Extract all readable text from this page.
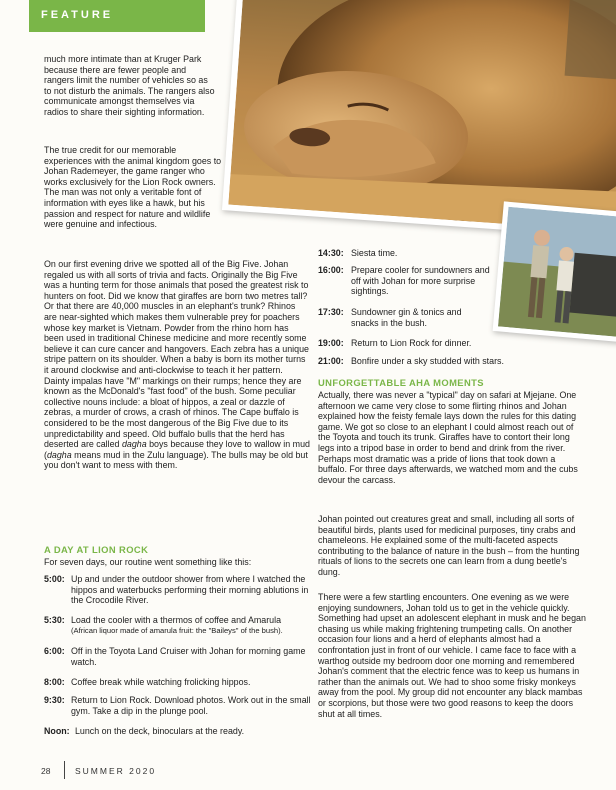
FEATURE

much more intimate than at Kruger Park because there are fewer people and rangers limit the number of vehicles so as to not disturb the animals. The rangers also communicate amongst themselves via radios to share their sighting information.

The true credit for our memorable experiences with the animal kingdom goes to Johan Rademeyer, the game ranger who works exclusively for the Lion Rock owners. The man was not only a veritable font of information with eyes like a hawk, but his passion and respect for nature and wildlife were genuine and infectious.

On our first evening drive we spotted all of the Big Five. Johan regaled us with all sorts of trivia and facts. Originally the Big Five was a hunting term for those animals that posed the greatest risk to hunters on foot. Did we know that giraffes are born two metres tall? Or that there are 40,000 muscles in an elephant's trunk? Rhinos are near-sighted which makes them vulnerable prey for poachers whose key market is Vietnam. Powder from the rhino horn has been used in traditional Chinese medicine and more recently some believe it can cure cancer and hangovers. Each zebra has a unique stripe pattern on its shoulder. When a baby is born its mother turns it around clockwise and anti-clockwise to teach it her pattern. Dainty impalas have "M" markings on their rumps; hence they are known as the McDonald's "fast food" of the bush. Some peculiar collective nouns include: a bloat of hippos, a zeal or dazzle of zebras, a murder of crows, a crash of rhinos. The Cape buffalo is considered to be the most dangerous of the Big Five due to its unpredictability and speed. Old buffalo bulls that the herd has deserted are called dagha boys because they love to wallow in mud (dagha means mud in the Zulu language). The bulls may be old but you don't want to mess with them.

A DAY AT LION ROCK

For seven days, our routine went something like this:

5:00: Up and under the outdoor shower from where I watched the hippos and waterbucks performing their morning ablutions in the Crocodile River.
5:30: Load the cooler with a thermos of coffee and Amarula
(African liquor made of amarula fruit: the "Baileys" of the bush).
6:00: Off in the Toyota Land Cruiser with Johan for morning game watch.
8:00: Coffee break while watching frolicking hippos.
9:30: Return to Lion Rock. Download photos. Work out in the small gym. Take a dip in the plunge pool.
Noon: Lunch on the deck, binoculars at the ready.
14:30: Siesta time.
16:00: Prepare cooler for sundowners and off with Johan for more surprise sightings.
17:30: Sundowner gin & tonics and snacks in the bush.
19:00: Return to Lion Rock for dinner.
21:00: Bonfire under a sky studded with stars.
UNFORGETTABLE AHA MOMENTS

Actually, there was never a "typical" day on safari at Mjejane. One afternoon we came very close to some flirting rhinos and Johan explained how the feisty female lays down the rules for this dating game. We got so close to an elephant I could almost reach out of the Toyota and touch its trunk. Giraffes have to contort their long legs into a tripod base in order to bend and drink from the river. Perhaps most dramatic was a pride of lions that took down a buffalo. For three days afterwards, we watched mom and the cubs devour the carcass.

Johan pointed out creatures great and small, including all sorts of beautiful birds, plants used for medicinal purposes, tiny crabs and chameleons. He explained some of the multi-faceted aspects contributing to the balance of nature in the bush – from the hunting rituals of lions to the secrets one can learn from a dung beetle's dung.

There were a few startling encounters. One evening as we were enjoying sundowners, Johan told us to get in the vehicle quickly. Something had upset an adolescent elephant in musk and he began chasing us while making frightening trumpeting calls. On another occasion four lions and a herd of elephants almost had a confrontation just in front of our vehicle. I came face to face with a warthog outside my bedroom door one morning and remembered Johan's comment that the electric fence was to keep us humans in rather than the animals out. We had to shoo some frisky monkeys away from the pool. My group did not encounter any black mambas or scorpions, but those were two good reasons to keep the doors shut at all times.

28	SUMMER 2020
